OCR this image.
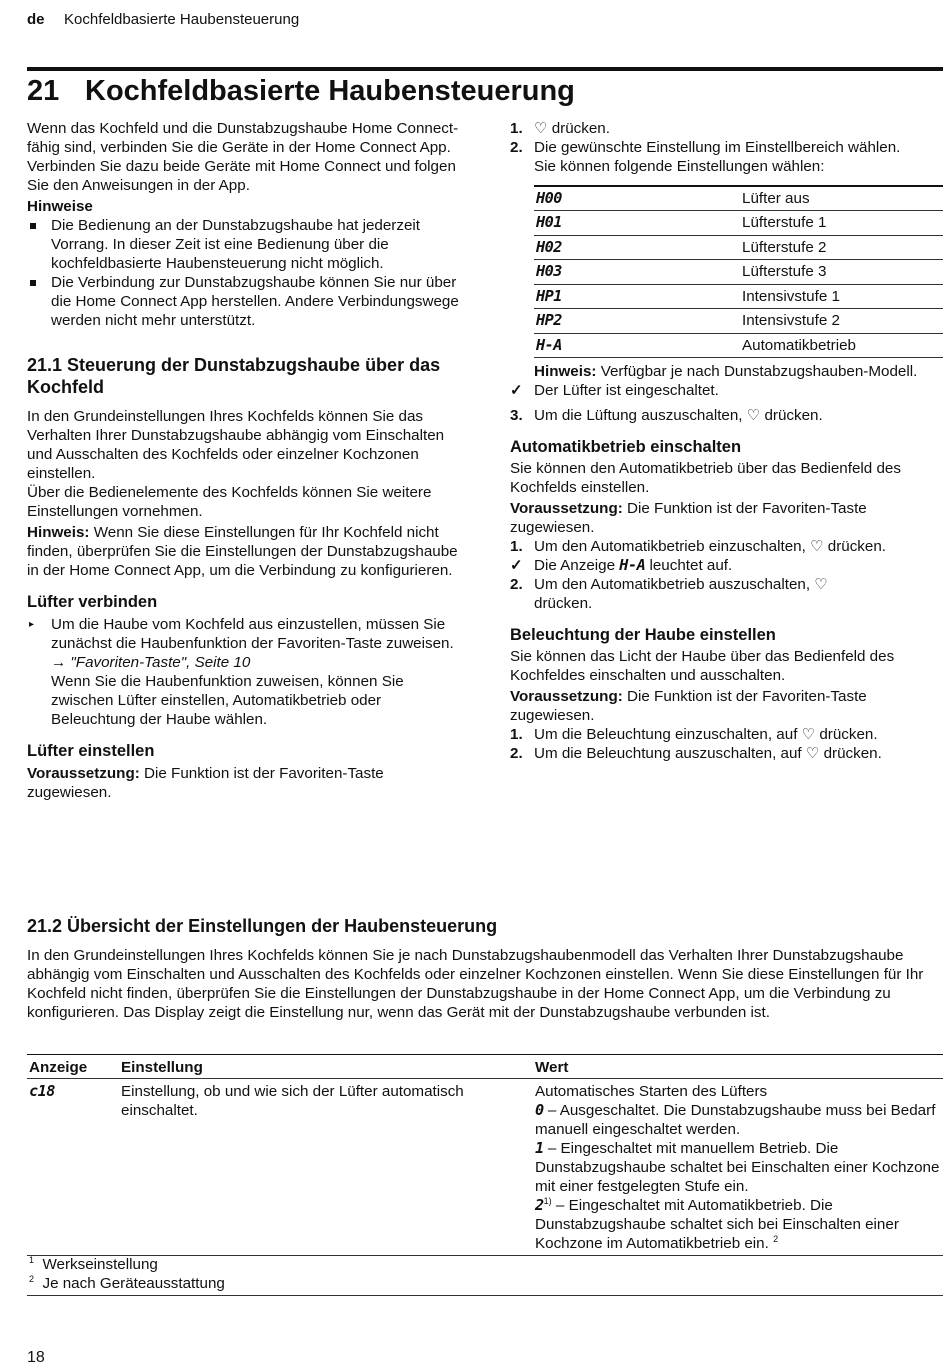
de Kochfeldbasierte Haubensteuerung
21 Kochfeldbasierte Haubensteuerung

Wenn das Kochfeld und die Dunstabzugshaube Home Connect-fähig sind, verbinden Sie die Geräte in der Home Connect App. Verbinden Sie dazu beide Geräte mit Home Connect und folgen Sie den Anweisungen in der App.

Hinweise

Die Bedienung an der Dunstabzugshaube hat jederzeit Vorrang. In dieser Zeit ist eine Bedienung über die kochfeldbasierte Haubensteuerung nicht möglich.
Die Verbindung zur Dunstabzugshaube können Sie nur über die Home Connect App herstellen. Andere Verbindungswege werden nicht mehr unterstützt.

21.1 Steuerung der Dunstabzugshaube über das Kochfeld

In den Grundeinstellungen Ihres Kochfelds können Sie das Verhalten Ihrer Dunstabzugshaube abhängig vom Einschalten und Ausschalten des Kochfelds oder einzelner Kochzonen einstellen.

Über die Bedienelemente des Kochfelds können Sie weitere Einstellungen vornehmen.

Hinweis: Wenn Sie diese Einstellungen für Ihr Kochfeld nicht finden, überprüfen Sie die Einstellungen der Dunstabzugshaube in der Home Connect App, um die Verbindung zu konfigurieren.

Lüfter verbinden

▸ Um die Haube vom Kochfeld aus einzustellen, müssen Sie zunächst die Haubenfunktion der Favoriten-Taste zuweisen.
→ "Favoriten-Taste", Seite 10
Wenn Sie die Haubenfunktion zuweisen, können Sie zwischen Lüfter einstellen, Automatikbetrieb oder Beleuchtung der Haube wählen.

Lüfter einstellen

Voraussetzung: Die Funktion ist der Favoriten-Taste zugewiesen.

1. ♡ drücken.
2. Die gewünschte Einstellung im Einstellbereich wählen.
Sie können folgende Einstellungen wählen:
H00	Lüfter aus
H01	Lüfterstufe 1
H02	Lüfterstufe 2
H03	Lüfterstufe 3
HP1	Intensivstufe 1
HP2	Intensivstufe 2
H-A	Automatikbetrieb

Hinweis: Verfügbar je nach Dunstabzugshauben-Modell.

✓ Der Lüfter ist eingeschaltet.
3. Um die Lüftung auszuschalten, ♡ drücken.

Automatikbetrieb einschalten

Sie können den Automatikbetrieb über das Bedienfeld des Kochfelds einstellen.

Voraussetzung: Die Funktion ist der Favoriten-Taste zugewiesen.

1. Um den Automatikbetrieb einzuschalten, ♡ drücken.
✓ Die Anzeige H-A leuchtet auf.
2. Um den Automatikbetrieb auszuschalten, ♡
drücken.

Beleuchtung der Haube einstellen

Sie können das Licht der Haube über das Bedienfeld des Kochfeldes einschalten und ausschalten.

Voraussetzung: Die Funktion ist der Favoriten-Taste zugewiesen.

1. Um die Beleuchtung einzuschalten, auf ♡ drücken.
2. Um die Beleuchtung auszuschalten, auf ♡ drücken.

21.2 Übersicht der Einstellungen der Haubensteuerung

In den Grundeinstellungen Ihres Kochfelds können Sie je nach Dunstabzugshaubenmodell das Verhalten Ihrer Dunstabzugshaube abhängig vom Einschalten und Ausschalten des Kochfelds oder einzelner Kochzonen einstellen. Wenn Sie diese Einstellungen für Ihr Kochfeld nicht finden, überprüfen Sie die Einstellungen der Dunstabzugshaube in der Home Connect App, um die Verbindung zu konfigurieren. Das Display zeigt die Einstellung nur, wenn das Gerät mit der Dunstabzugshaube verbunden ist.

Anzeige	Einstellung	Wert
c18	Einstellung, ob und wie sich der Lüfter automatisch einschaltet.	Automatisches Starten des Lüfters
0 – Ausgeschaltet. Die Dunstabzugshaube muss bei Bedarf manuell eingeschaltet werden.
1 – Eingeschaltet mit manuellem Betrieb. Die Dunstabzugshaube schaltet bei Einschalten einer Kochzone mit einer festgelegten Stufe ein.
2$^{1)}$ – Eingeschaltet mit Automatikbetrieb. Die Dunstabzugshaube schaltet sich bei Einschalten einer Kochzone im Automatikbetrieb ein. $^2$

$^1$ Werkseinstellung

$^2$ Je nach Geräteausstattung

18
